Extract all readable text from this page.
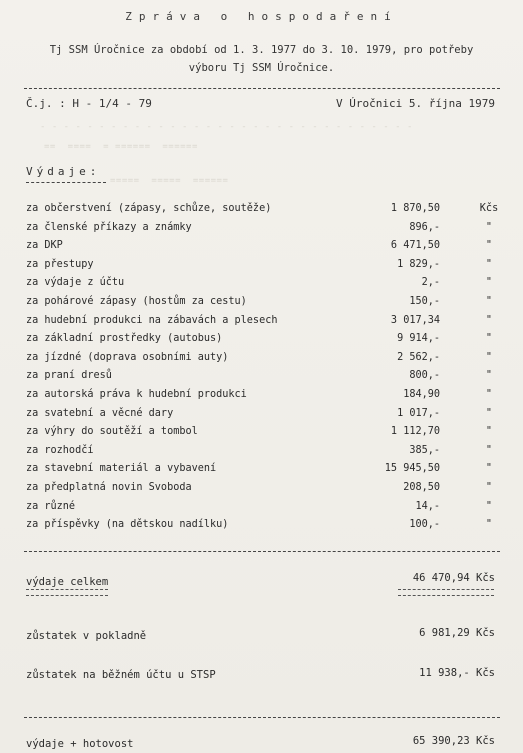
- - - - - - - - - - - - - - - - - - - - - - - - - - - - - - - -
==  ====  = ======  ======
=====  =====  ======
Zpráva o hospodaření
Tj SSM Úročnice za období od 1. 3. 1977 do 3. 10. 1979, pro potřeby
výboru Tj SSM Úročnice.
Č.j. : H - 1/4 - 79	V Úročnici 5. října 1979
Výdaje:
za občerstvení (zápasy, schůze, soutěže)	1 870,50	Kčs
za členské příkazy a známky	896,-	"
za DKP	6 471,50	"
za přestupy	1 829,-	"
za výdaje z účtu	2,-	"
za pohárové zápasy (hostům za cestu)	150,-	"
za hudební produkci na zábavách a plesech	3 017,34	"
za základní prostředky (autobus)	9 914,-	"
za jízdné (doprava osobními auty)	2 562,-	"
za praní dresů	800,-	"
za autorská práva k hudební produkci	184,90	"
za svatební a věcné dary	1 017,-	"
za výhry do soutěží a tombol	1 112,70	"
za rozhodčí	385,-	"
za stavební materiál a vybavení	15 945,50	"
za předplatná novin Svoboda	208,50	"
za různé	14,-	"
za příspěvky (na dětskou nadílku)	100,-	"
výdaje celkem	46 470,94 Kčs
zůstatek v pokladně	6 981,29 Kčs
zůstatek na běžném účtu u STSP	11 938,- Kčs
výdaje + hotovost	65 390,23 Kčs
